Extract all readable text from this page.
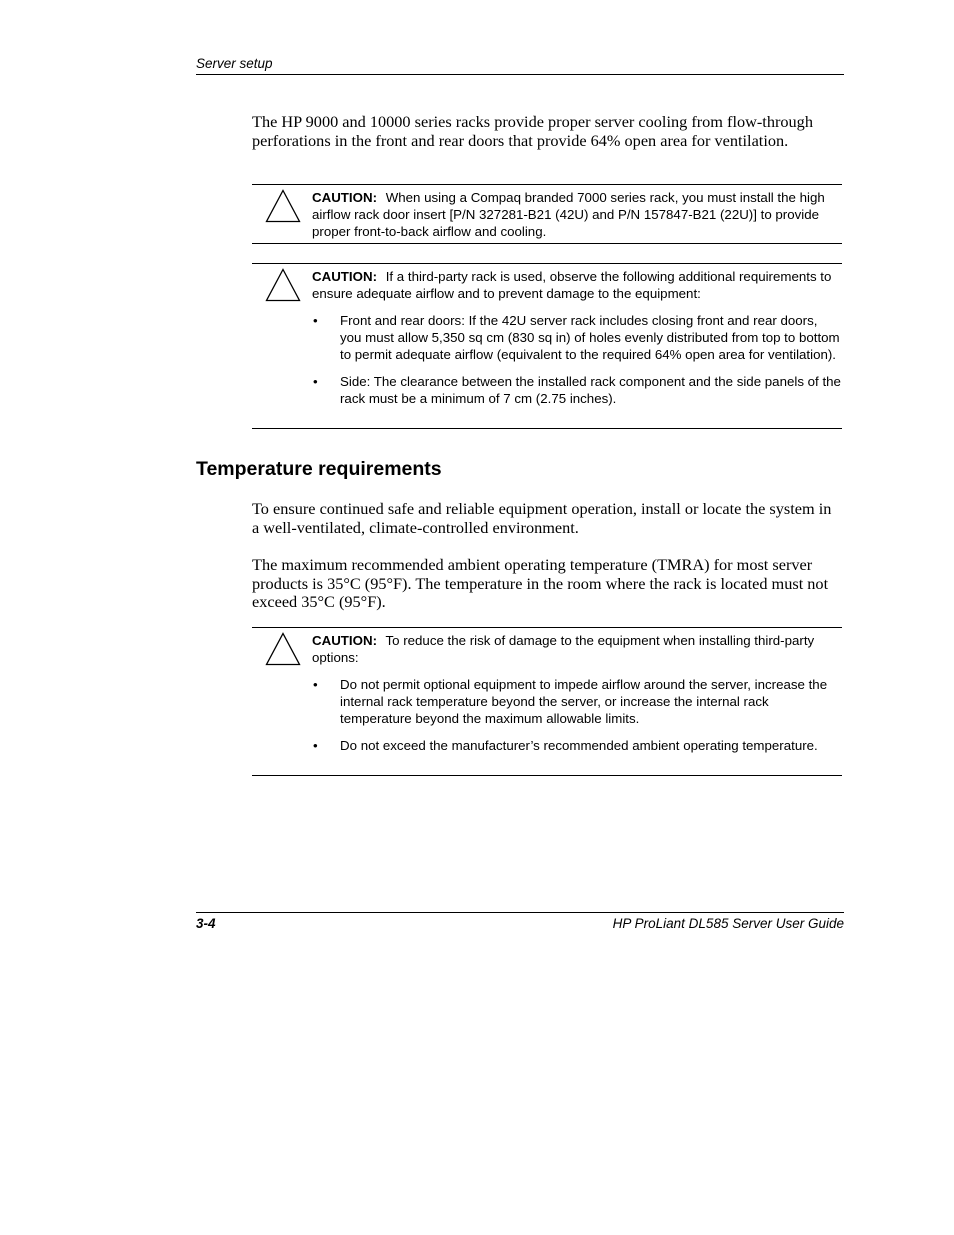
Server setup

The HP 9000 and 10000 series racks provide proper server cooling from flow-through perforations in the front and rear doors that provide 64% open area for ventilation.

CAUTION: When using a Compaq branded 7000 series rack, you must install the high airflow rack door insert [P/N 327281-B21 (42U) and P/N 157847-B21 (22U)] to provide proper front-to-back airflow and cooling.

CAUTION: If a third-party rack is used, observe the following additional requirements to ensure adequate airflow and to prevent damage to the equipment:

• Front and rear doors: If the 42U server rack includes closing front and rear doors, you must allow 5,350 sq cm (830 sq in) of holes evenly distributed from top to bottom to permit adequate airflow (equivalent to the required 64% open area for ventilation).
• Side: The clearance between the installed rack component and the side panels of the rack must be a minimum of 7 cm (2.75 inches).
Temperature requirements

To ensure continued safe and reliable equipment operation, install or locate the system in a well-ventilated, climate-controlled environment.

The maximum recommended ambient operating temperature (TMRA) for most server products is 35°C (95°F). The temperature in the room where the rack is located must not exceed 35°C (95°F).

CAUTION: To reduce the risk of damage to the equipment when installing third-party options:

• Do not permit optional equipment to impede airflow around the server, increase the internal rack temperature beyond the server, or increase the internal rack temperature beyond the maximum allowable limits.
• Do not exceed the manufacturer’s recommended ambient operating temperature.
3-4	HP ProLiant DL585 Server User Guide
